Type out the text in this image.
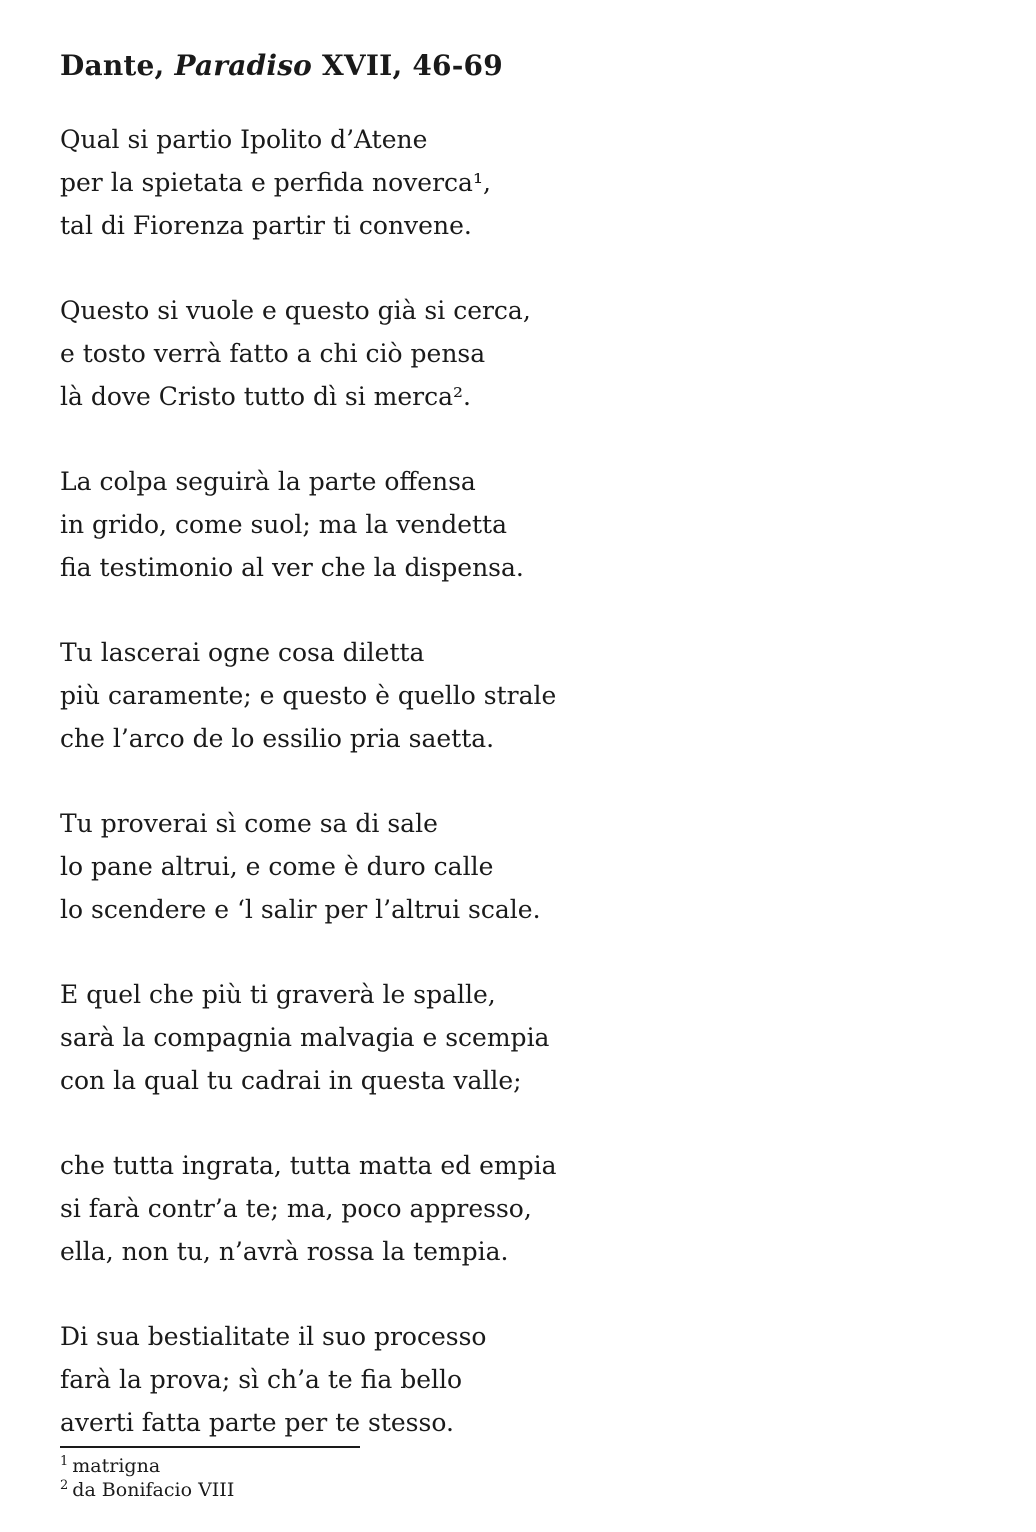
Dante, Paradiso XVII, 46-69

Qual si partio Ipolito d’Atene

per la spietata e perfida noverca¹,

tal di Fiorenza partir ti convene.

Questo si vuole e questo già si cerca,

e tosto verrà fatto a chi ciò pensa

là dove Cristo tutto dì si merca².

La colpa seguirà la parte offensa

in grido, come suol; ma la vendetta

fia testimonio al ver che la dispensa.

Tu lascerai ogne cosa diletta

più caramente; e questo è quello strale

che l’arco de lo essilio pria saetta.

Tu proverai sì come sa di sale

lo pane altrui, e come è duro calle

lo scendere e ‘l salir per l’altrui scale.

E quel che più ti graverà le spalle,

sarà la compagnia malvagia e scempia

con la qual tu cadrai in questa valle;

che tutta ingrata, tutta matta ed empia

si farà contr’a te; ma, poco appresso,

ella, non tu, n’avrà rossa la tempia.

Di sua bestialitate il suo processo

farà la prova; sì ch’a te fia bello

averti fatta parte per te stesso.

$^1$ matrigna

$^2$ da Bonifacio VIII
